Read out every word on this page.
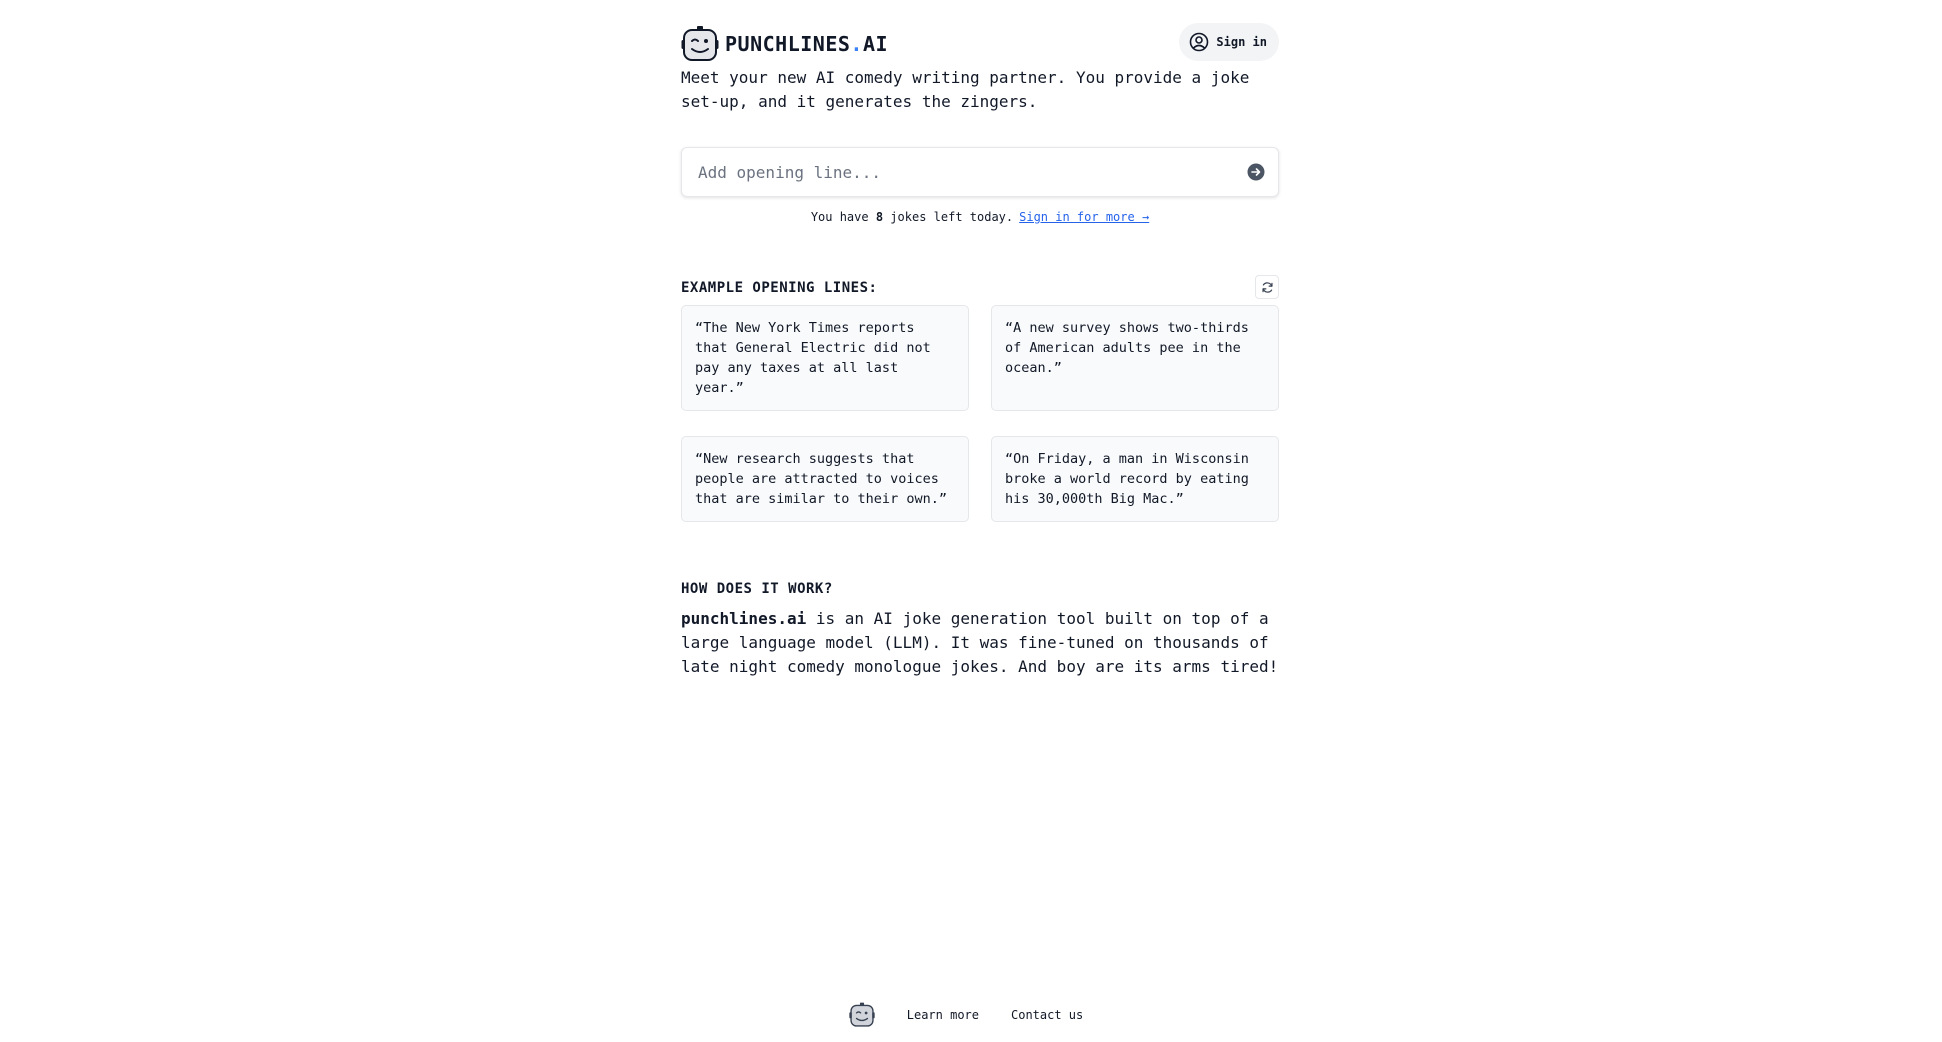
PUNCHLINES.AI	Sign in
Meet your new AI comedy writing partner. You provide a joke set-up, and it generates the zingers.
Add opening line...
You have 8 jokes left today. Sign in for more →
EXAMPLE OPENING LINES:
“The New York Times reports that General Electric did not pay any taxes at all last year.”
“A new survey shows two-thirds of American adults pee in the ocean.”
“New research suggests that people are attracted to voices that are similar to their own.”
“On Friday, a man in Wisconsin broke a world record by eating his 30,000th Big Mac.”
HOW DOES IT WORK?
punchlines.ai is an AI joke generation tool built on top of a large language model (LLM). It was fine-tuned on thousands of late night comedy monologue jokes. And boy are its arms tired!
Learn more	Contact us
